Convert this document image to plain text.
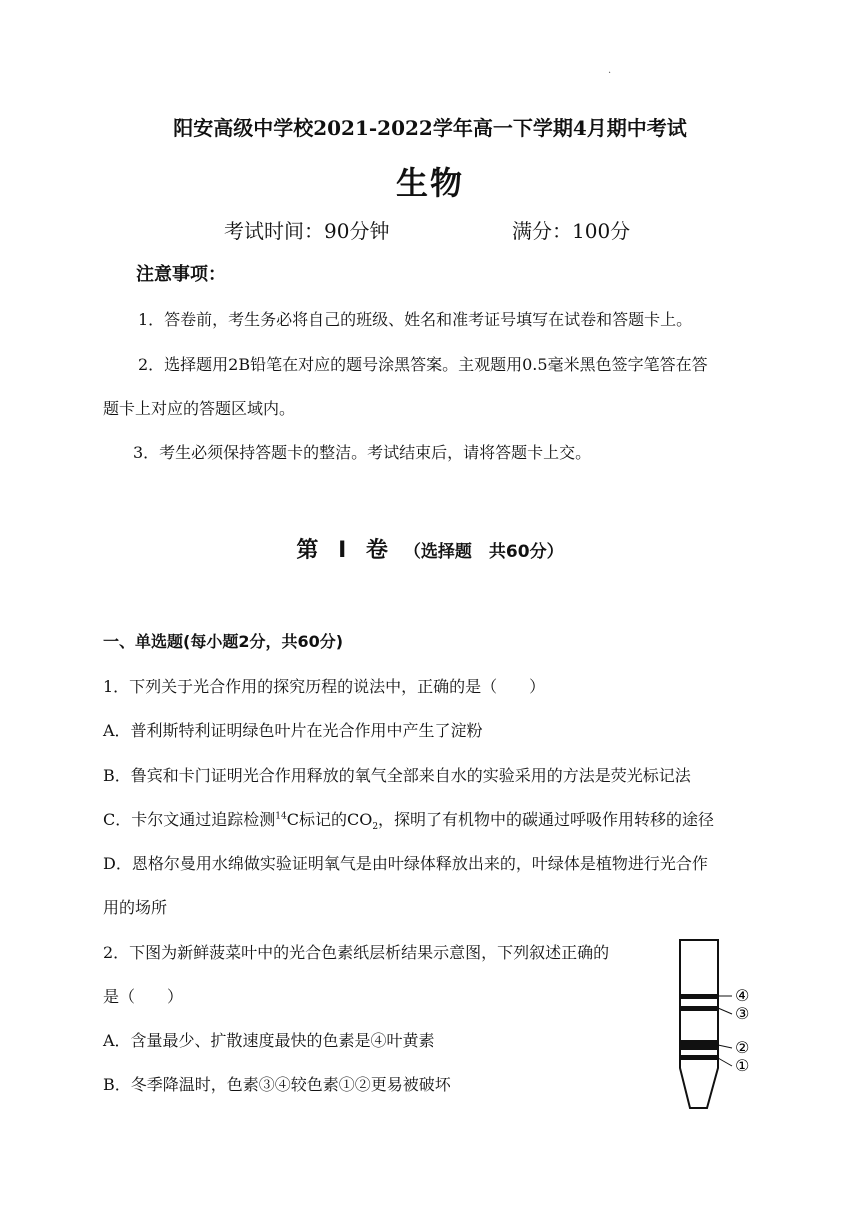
·
阳安高级中学校2021-2022学年高一下学期4月期中考试
生物
考试时间：90分钟	满分：100分
注意事项：
1．答卷前，考生务必将自己的班级、姓名和准考证号填写在试卷和答题卡上。
2．选择题用2B铅笔在对应的题号涂黑答案。主观题用0.5毫米黑色签字笔答在答
题卡上对应的答题区域内。
3．考生必须保持答题卡的整洁。考试结束后，请将答题卡上交。
第 Ⅰ 卷 （选择题　共60分）
一、单选题(每小题2分，共60分)
1．下列关于光合作用的探究历程的说法中，正确的是（　　）
A．普利斯特利证明绿色叶片在光合作用中产生了淀粉
B．鲁宾和卡门证明光合作用释放的氧气全部来自水的实验采用的方法是荧光标记法
C．卡尔文通过追踪检测$^{14}$C标记的$CO_2$，探明了有机物中的碳通过呼吸作用转移的途径
D．恩格尔曼用水绵做实验证明氧气是由叶绿体释放出来的，叶绿体是植物进行光合作
用的场所
2．下图为新鲜菠菜叶中的光合色素纸层析结果示意图，下列叙述正确的
是（　　）
A．含量最少、扩散速度最快的色素是④叶黄素
B．冬季降温时，色素③④较色素①②更易被破坏
④
③
②
①
